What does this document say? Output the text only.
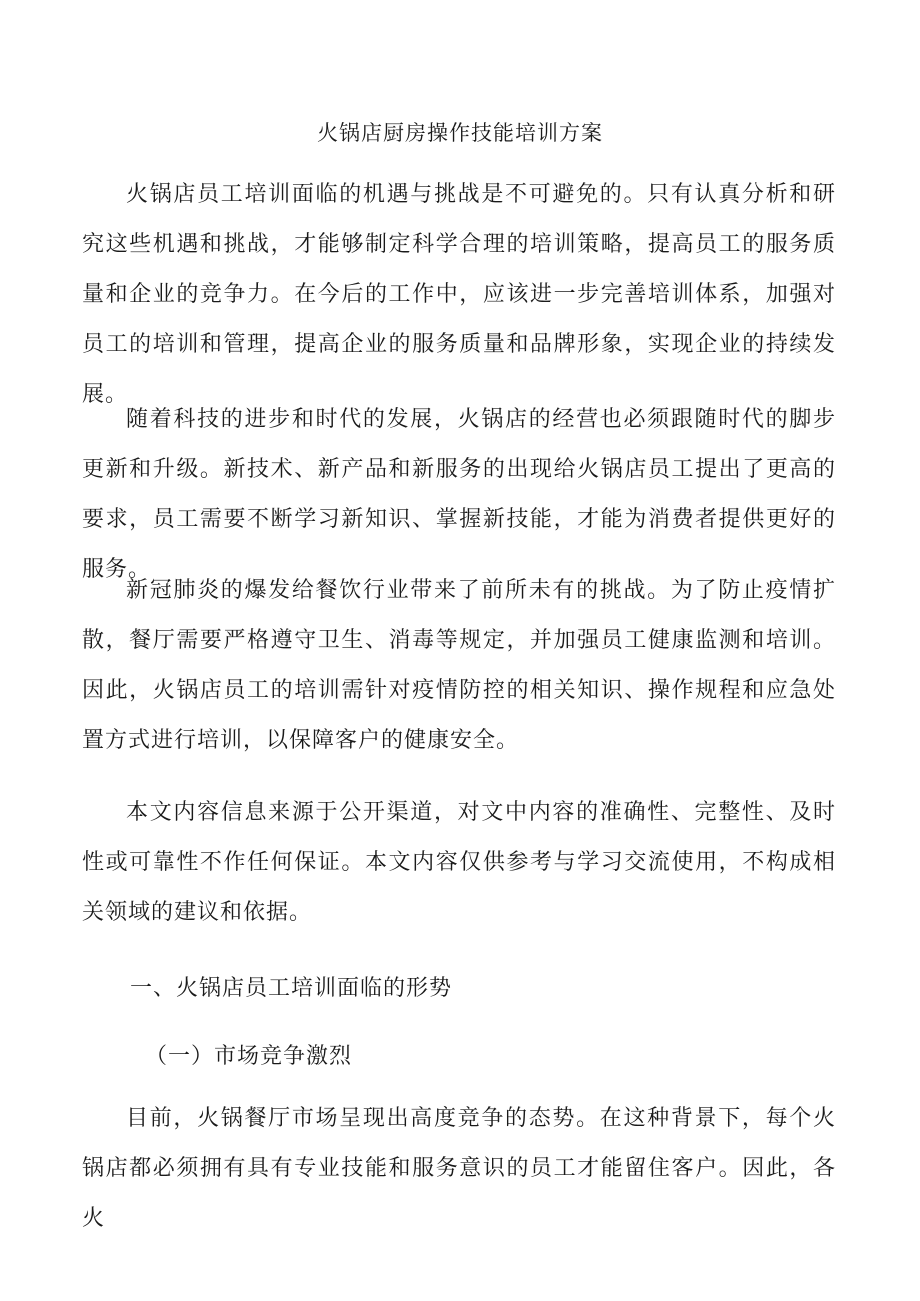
火锅店厨房操作技能培训方案

火锅店员工培训面临的机遇与挑战是不可避免的。只有认真分析和研究这些机遇和挑战，才能够制定科学合理的培训策略，提高员工的服务质量和企业的竞争力。在今后的工作中，应该进一步完善培训体系，加强对员工的培训和管理，提高企业的服务质量和品牌形象，实现企业的持续发展。

随着科技的进步和时代的发展，火锅店的经营也必须跟随时代的脚步更新和升级。新技术、新产品和新服务的出现给火锅店员工提出了更高的要求，员工需要不断学习新知识、掌握新技能，才能为消费者提供更好的服务。

新冠肺炎的爆发给餐饮行业带来了前所未有的挑战。为了防止疫情扩散，餐厅需要严格遵守卫生、消毒等规定，并加强员工健康监测和培训。因此，火锅店员工的培训需针对疫情防控的相关知识、操作规程和应急处置方式进行培训，以保障客户的健康安全。

本文内容信息来源于公开渠道，对文中内容的准确性、完整性、及时性或可靠性不作任何保证。本文内容仅供参考与学习交流使用，不构成相关领域的建议和依据。

一、火锅店员工培训面临的形势
（一）市场竞争激烈

目前，火锅餐厅市场呈现出高度竞争的态势。在这种背景下，每个火锅店都必须拥有具有专业技能和服务意识的员工才能留住客户。因此，各火
